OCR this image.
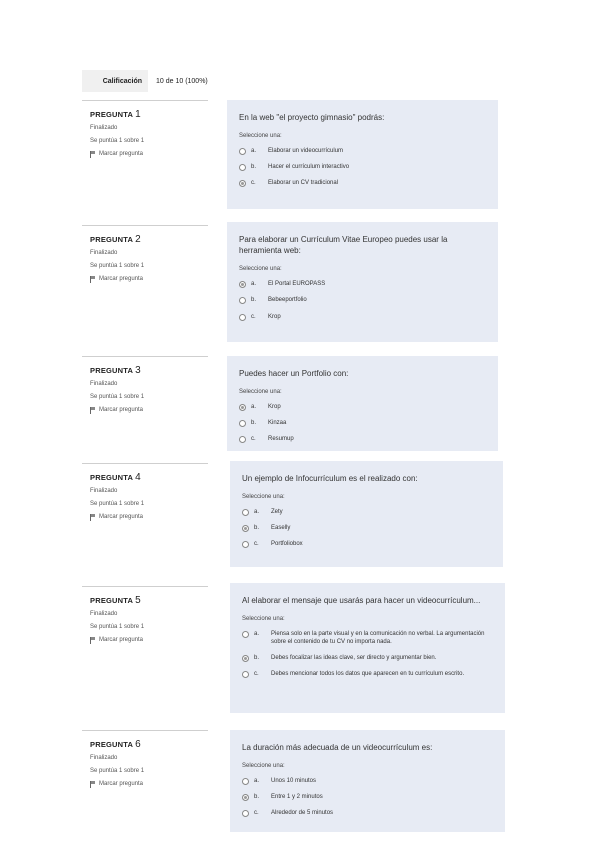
Calificación	10 de 10 (100%)
PREGUNTA 1
Finalizado
Se puntúa 1 sobre 1
Marcar pregunta
En la web "el proyecto gimnasio" podrás:
Seleccione una:
a.	Elaborar un videocurrículum
b.	Hacer el currículum interactivo
c.	Elaborar un CV tradicional
PREGUNTA 2
Finalizado
Se puntúa 1 sobre 1
Marcar pregunta
Para elaborar un Currículum Vitae Europeo puedes usar la herramienta web:
Seleccione una:
a.	El Portal EUROPASS
b.	Bebeeportfolio
c.	Krop
PREGUNTA 3
Finalizado
Se puntúa 1 sobre 1
Marcar pregunta
Puedes hacer un Portfolio con:
Seleccione una:
a.	Krop
b.	Kinzaa
c.	Resumup
PREGUNTA 4
Finalizado
Se puntúa 1 sobre 1
Marcar pregunta
Un ejemplo de Infocurrículum es el realizado con:
Seleccione una:
a.	Zety
b.	Easelly
c.	Portfoliobox
PREGUNTA 5
Finalizado
Se puntúa 1 sobre 1
Marcar pregunta
Al elaborar el mensaje que usarás para hacer un videocurrículum...
Seleccione una:
a.	Piensa solo en la parte visual y en la comunicación no verbal. La argumentación sobre el contenido de tu CV no importa nada.
b.	Debes focalizar las ideas clave, ser directo y argumentar bien.
c.	Debes mencionar todos los datos que aparecen en tu currículum escrito.
PREGUNTA 6
Finalizado
Se puntúa 1 sobre 1
Marcar pregunta
La duración más adecuada de un videocurrículum es:
Seleccione una:
a.	Unos 10 minutos
b.	Entre 1 y 2 minutos
c.	Alrededor de 5 minutos
